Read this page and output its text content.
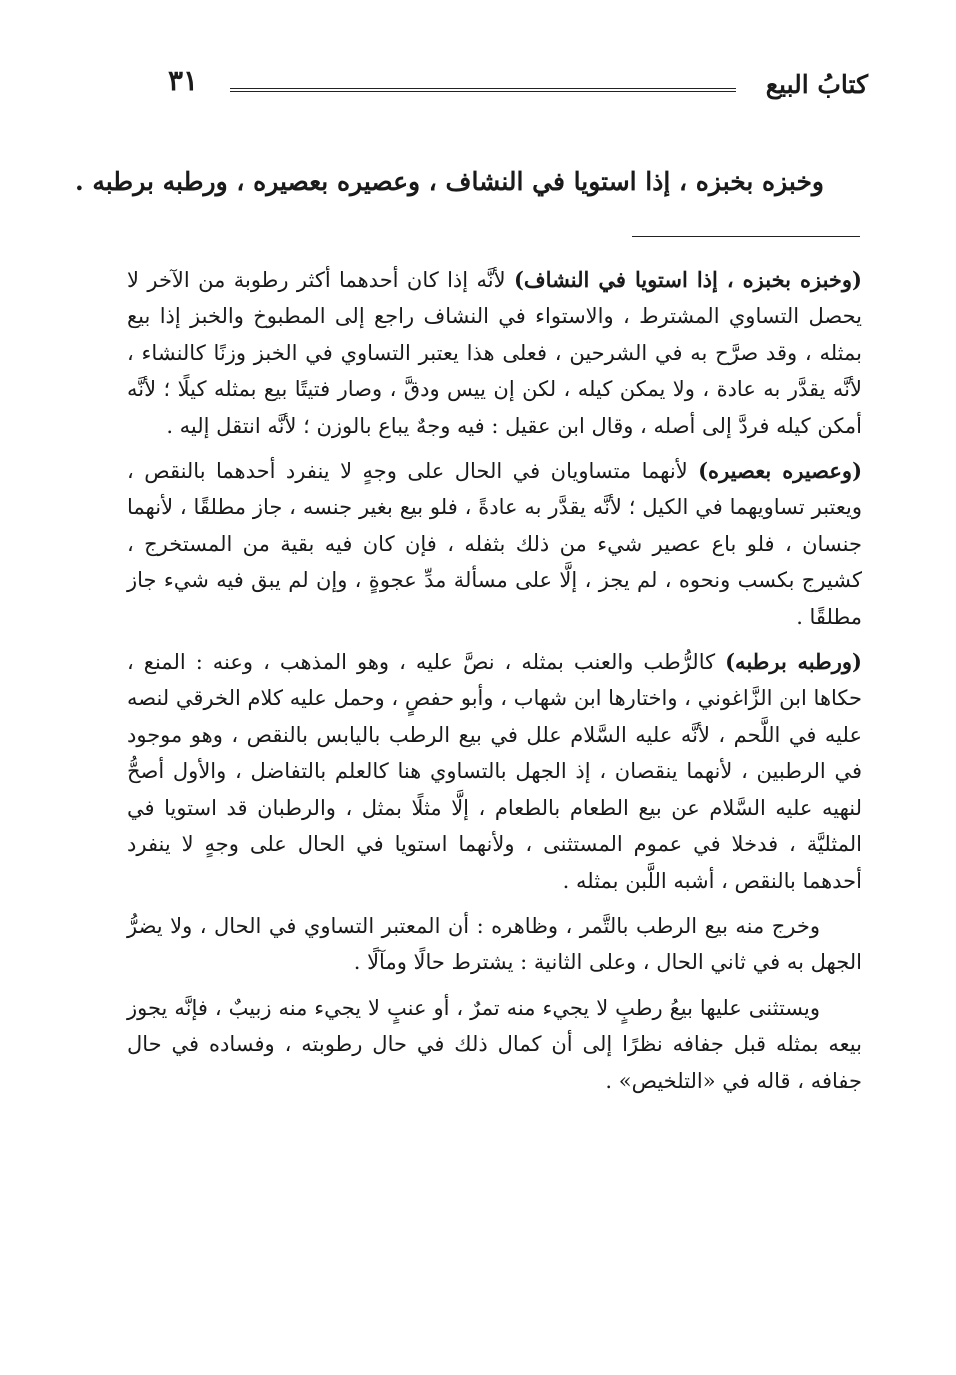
كتابُ البيع
٣١
وخبزه بخبزه ، إذا استويا في النشاف ، وعصيره بعصيره ، ورطبه برطبه .

(وخبزه بخبزه ، إذا استويا في النشاف) لأنَّه إذا كان أحدهما أكثر رطوبة من الآخر لا يحصل التساوي المشترط ، والاستواء في النشاف راجع إلى المطبوخ والخبز إذا بيع بمثله ، وقد صرَّح به في الشرحين ، فعلى هذا يعتبر التساوي في الخبز وزنًا كالنشاء ، لأنَّه يقدَّر به عادة ، ولا يمكن كيله ، لكن إن ييس ودقَّ ، وصار فتيتًا بيع بمثله كيلًا ؛ لأنَّه أمكن كيله فردَّ إلى أصله ، وقال ابن عقيل : فيه وجهٌ يباع بالوزن ؛ لأنَّه انتقل إليه .

(وعصيره بعصيره) لأنهما متساويان في الحال على وجهٍ لا ينفرد أحدهما بالنقص ، ويعتبر تساويهما في الكيل ؛ لأنَّه يقدَّر به عادةً ، فلو بيع بغير جنسه ، جاز مطلقًا ، لأنهما جنسان ، فلو باع عصير شيء من ذلك بثفله ، فإن كان فيه بقية من المستخرج ، كشيرج بكسب ونحوه ، لم يجز ، إلَّا على مسألة مدِّ عجوةٍ ، وإن لم يبق فيه شيء جاز مطلقًا .

(ورطبه برطبه) كالرُّطب والعنب بمثله ، نصَّ عليه ، وهو المذهب ، وعنه : المنع ، حكاها ابن الزَّاغوني ، واختارها ابن شهاب ، وأبو حفصٍ ، وحمل عليه كلام الخرقي لنصه عليه في اللَّحم ، لأنَّه عليه السَّلام علل في بيع الرطب باليابس بالنقص ، وهو موجود في الرطبين ، لأنهما ينقصان ، إذ الجهل بالتساوي هنا كالعلم بالتفاضل ، والأول أصحُّ لنهيه عليه السَّلام عن بيع الطعام بالطعام ، إلَّا مثلًا بمثل ، والرطبان قد استويا في المثليَّة ، فدخلا في عموم المستثنى ، ولأنهما استويا في الحال على وجهٍ لا ينفرد أحدهما بالنقص ، أشبه اللَّبن بمثله .

وخرج منه بيع الرطب بالتَّمر ، وظاهره : أن المعتبر التساوي في الحال ، ولا يضرُّ الجهل به في ثاني الحال ، وعلى الثانية : يشترط حالًا ومآلًا .

ويستثنى عليها بيعُ رطبٍ لا يجيء منه تمرٌ ، أو عنبٍ لا يجيء منه زبيبٌ ، فإنَّه يجوز بيعه بمثله قبل جفافه نظرًا إلى أن كمال ذلك في حال رطوبته ، وفساده في حال جفافه ، قاله في «التلخيص» .
